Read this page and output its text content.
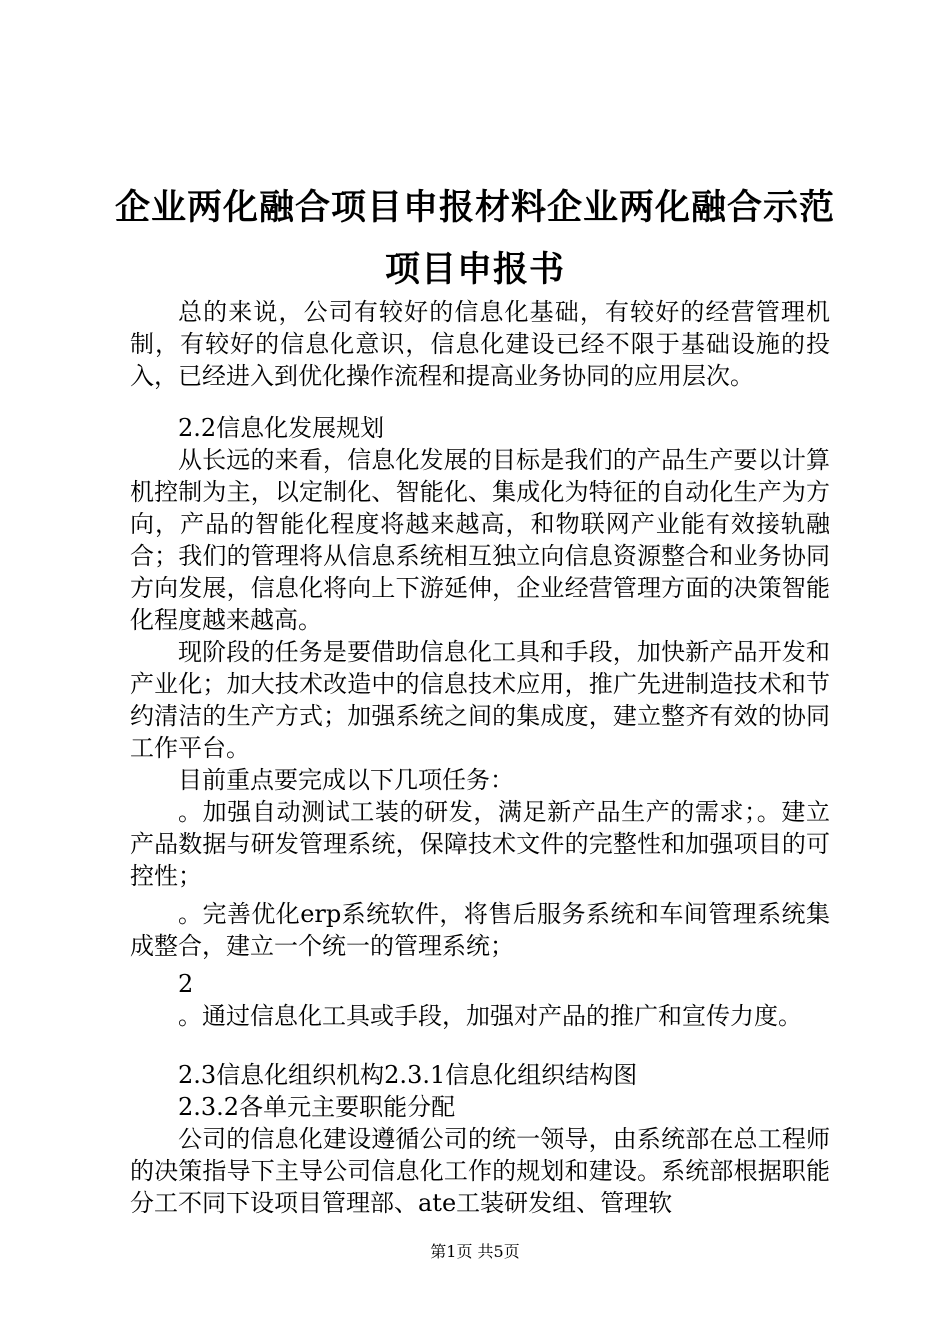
企业两化融合项目申报材料企业两化融合示范
项目申报书

总的来说，公司有较好的信息化基础，有较好的经营管理机制，有较好的信息化意识，信息化建设已经不限于基础设施的投入，已经进入到优化操作流程和提高业务协同的应用层次。

2.2信息化发展规划

从长远的来看，信息化发展的目标是我们的产品生产要以计算机控制为主，以定制化、智能化、集成化为特征的自动化生产为方向，产品的智能化程度将越来越高，和物联网产业能有效接轨融合；我们的管理将从信息系统相互独立向信息资源整合和业务协同方向发展，信息化将向上下游延伸，企业经营管理方面的决策智能化程度越来越高。

现阶段的任务是要借助信息化工具和手段，加快新产品开发和产业化；加大技术改造中的信息技术应用，推广先进制造技术和节约清洁的生产方式；加强系统之间的集成度，建立整齐有效的协同工作平台。

目前重点要完成以下几项任务：

。加强自动测试工装的研发，满足新产品生产的需求；。建立产品数据与研发管理系统，保障技术文件的完整性和加强项目的可控性；

。完善优化erp系统软件，将售后服务系统和车间管理系统集成整合，建立一个统一的管理系统；

2

。通过信息化工具或手段，加强对产品的推广和宣传力度。

2.3信息化组织机构2.3.1信息化组织结构图

2.3.2各单元主要职能分配

公司的信息化建设遵循公司的统一领导，由系统部在总工程师的决策指导下主导公司信息化工作的规划和建设。系统部根据职能分工不同下设项目管理部、ate工装研发组、管理软

第1页 共5页
